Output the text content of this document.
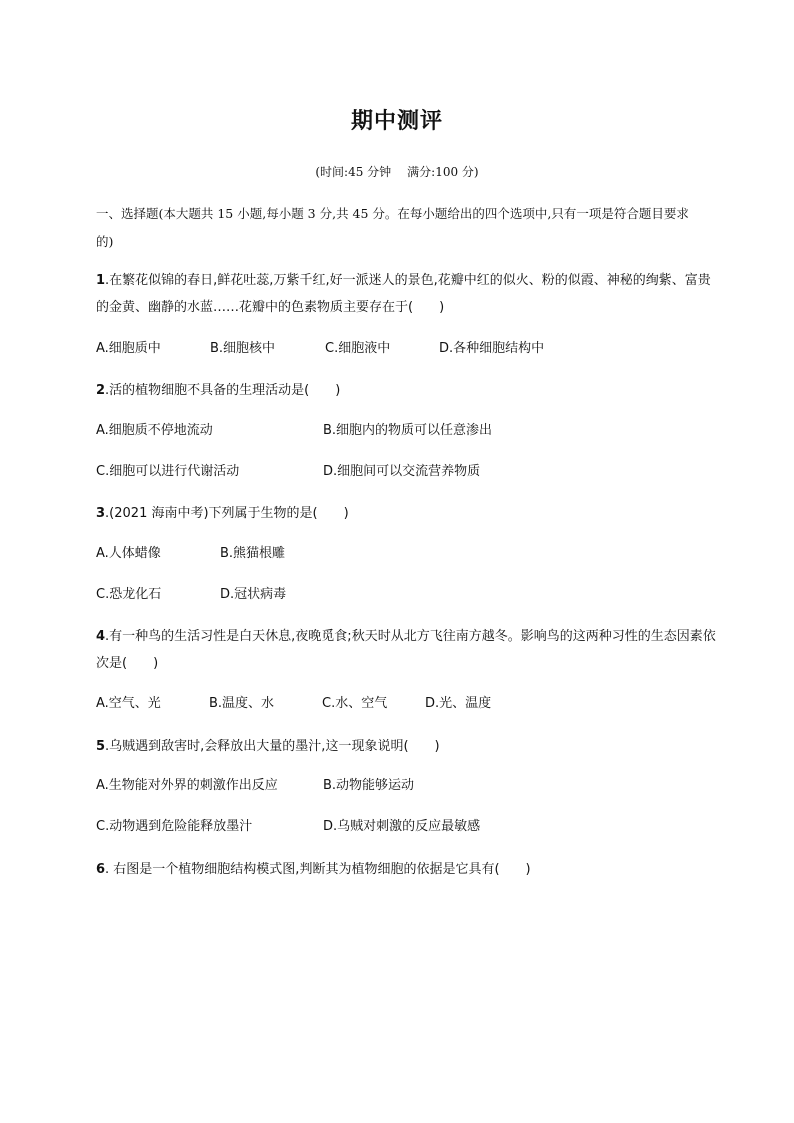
期中测评
(时间:45 分钟 满分:100 分)
一、选择题(本大题共 15 小题,每小题 3 分,共 45 分。在每小题给出的四个选项中,只有一项是符合题目要求的)
1.在繁花似锦的春日,鲜花吐蕊,万紫千红,好一派迷人的景色,花瓣中红的似火、粉的似霞、神秘的绚紫、富贵的金黄、幽静的水蓝……花瓣中的色素物质主要存在于(　　)
A.细胞质中	B.细胞核中	C.细胞液中	D.各种细胞结构中
2.活的植物细胞不具备的生理活动是(　　)
A.细胞质不停地流动	B.细胞内的物质可以任意渗出
C.细胞可以进行代谢活动	D.细胞间可以交流营养物质
3.(2021 海南中考)下列属于生物的是(　　)
A.人体蜡像	B.熊猫根雕
C.恐龙化石	D.冠状病毒
4.有一种鸟的生活习性是白天休息,夜晚觅食;秋天时从北方飞往南方越冬。影响鸟的这两种习性的生态因素依次是(　　)
A.空气、光	B.温度、水	C.水、空气	D.光、温度
5.乌贼遇到敌害时,会释放出大量的墨汁,这一现象说明(　　)
A.生物能对外界的刺激作出反应	B.动物能够运动
C.动物遇到危险能释放墨汁	D.乌贼对刺激的反应最敏感
6. 右图是一个植物细胞结构模式图,判断其为植物细胞的依据是它具有(　　)
